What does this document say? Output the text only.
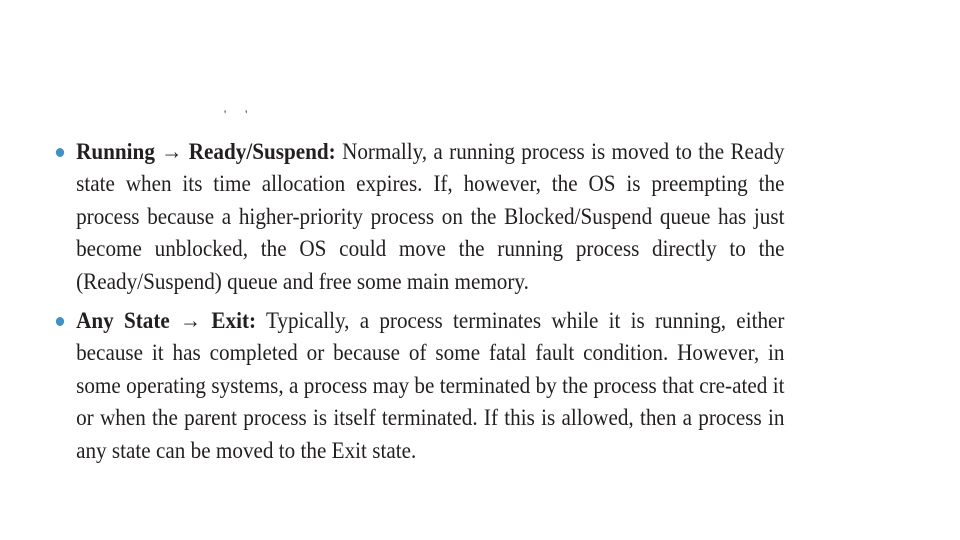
' '
Running → Ready/Suspend: Normally, a running process is moved to the Ready state when its time allocation expires. If, however, the OS is preempting the process because a higher-priority process on the Blocked/Suspend queue has just become unblocked, the OS could move the running process directly to the (Ready/Suspend) queue and free some main memory.
Any State → Exit: Typically, a process terminates while it is running, either because it has completed or because of some fatal fault condition. However, in some operating systems, a process may be terminated by the process that cre-ated it or when the parent process is itself terminated. If this is allowed, then a process in any state can be moved to the Exit state.
